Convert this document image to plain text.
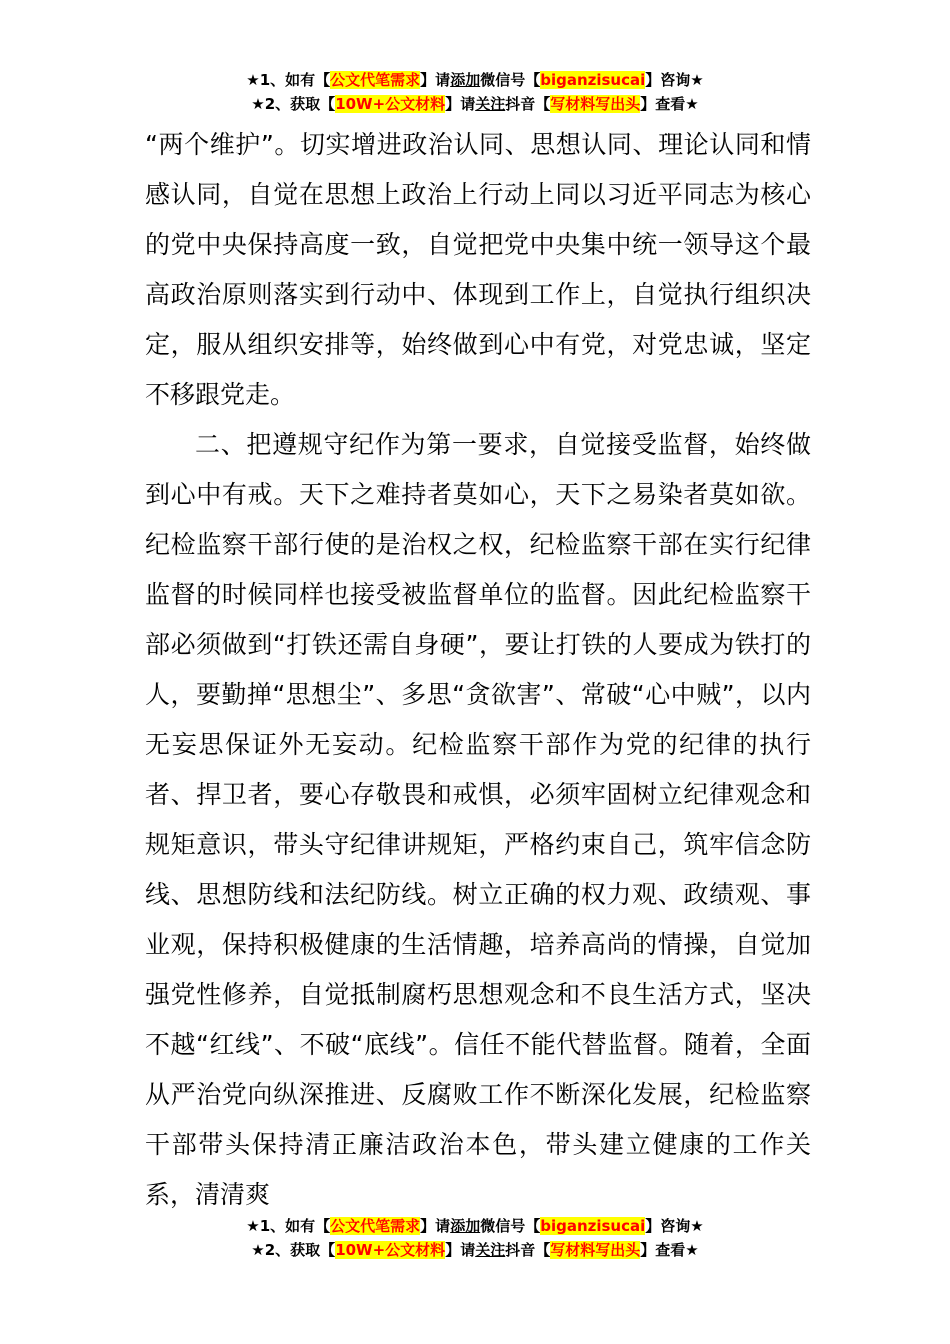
★1、如有【公文代笔需求】请添加微信号【biganzisucai】咨询★
★2、获取【10W+公文材料】请关注抖音【写材料写出头】查看★

“两个维护”。切实增进政治认同、思想认同、理论认同和情感认同，自觉在思想上政治上行动上同以习近平同志为核心的党中央保持高度一致，自觉把党中央集中统一领导这个最高政治原则落实到行动中、体现到工作上，自觉执行组织决定，服从组织安排等，始终做到心中有党，对党忠诚，坚定不移跟党走。

二、把遵规守纪作为第一要求，自觉接受监督，始终做到心中有戒。天下之难持者莫如心，天下之易染者莫如欲。纪检监察干部行使的是治权之权，纪检监察干部在实行纪律监督的时候同样也接受被监督单位的监督。因此纪检监察干部必须做到“打铁还需自身硬”，要让打铁的人要成为铁打的人，要勤掸“思想尘”、多思“贪欲害”、常破“心中贼”，以内无妄思保证外无妄动。纪检监察干部作为党的纪律的执行者、捍卫者，要心存敬畏和戒惧，必须牢固树立纪律观念和规矩意识，带头守纪律讲规矩，严格约束自己，筑牢信念防线、思想防线和法纪防线。树立正确的权力观、政绩观、事业观，保持积极健康的生活情趣，培养高尚的情操，自觉加强党性修养，自觉抵制腐朽思想观念和不良生活方式，坚决不越“红线”、不破“底线”。信任不能代替监督。随着，全面从严治党向纵深推进、反腐败工作不断深化发展，纪检监察干部带头保持清正廉洁政治本色，带头建立健康的工作关系，清清爽

★1、如有【公文代笔需求】请添加微信号【biganzisucai】咨询★
★2、获取【10W+公文材料】请关注抖音【写材料写出头】查看★
